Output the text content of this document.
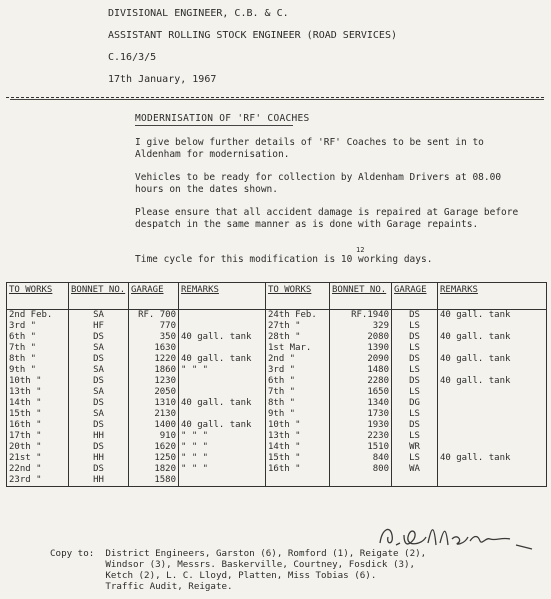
DIVISIONAL ENGINEER, C.B. & C.
ASSISTANT ROLLING STOCK ENGINEER (ROAD SERVICES)
C.16/3/5
17th January, 1967
MODERNISATION OF 'RF' COACHES
I give below further details of 'RF' Coaches to be sent in to Aldenham for modernisation.
Vehicles to be ready for collection by Aldenham Drivers at 08.00 hours on the dates shown.
Please ensure that all accident damage is repaired at Garage before despatch in the same manner as is done with Garage repaints.
Time cycle for this modification is 10 working days.
12
TO WORKS	BONNET NO.	GARAGE	REMARKS	TO WORKS	BONNET NO.	GARAGE	REMARKS
2nd Feb.	SA	RF. 700		24th Feb.	RF.1940	DS	40 gall. tank
3rd "	HF	770		27th "	329	LS	
6th "	DS	350	40 gall. tank	28th "	2080	DS	40 gall. tank
7th "	SA	1630		1st Mar.	1390	LS	
8th "	DS	1220	40 gall. tank	2nd "	2090	DS	40 gall. tank
9th "	SA	1860	" " "	3rd "	1480	LS	
10th "	DS	1230		6th "	2280	DS	40 gall. tank
13th "	SA	2050		7th "	1650	LS	
14th "	DS	1310	40 gall. tank	8th "	1340	DG	
15th "	SA	2130		9th "	1730	LS	
16th "	DS	1400	40 gall. tank	10th "	1930	DS	
17th "	HH	910	" " "	13th "	2230	LS	
20th "	DS	1620	" " "	14th "	1510	WR	
21st "	HH	1250	" " "	15th "	840	LS	40 gall. tank
22nd "	DS	1820	" " "	16th "	800	WA	
23rd "	HH	1580					
Copy to: District Engineers, Garston (6), Romford (1), Reigate (2),
Windsor (3), Messrs. Baskerville, Courtney, Fosdick (3),
Ketch (2), L. C. Lloyd, Platten, Miss Tobias (6).
Traffic Audit, Reigate.
